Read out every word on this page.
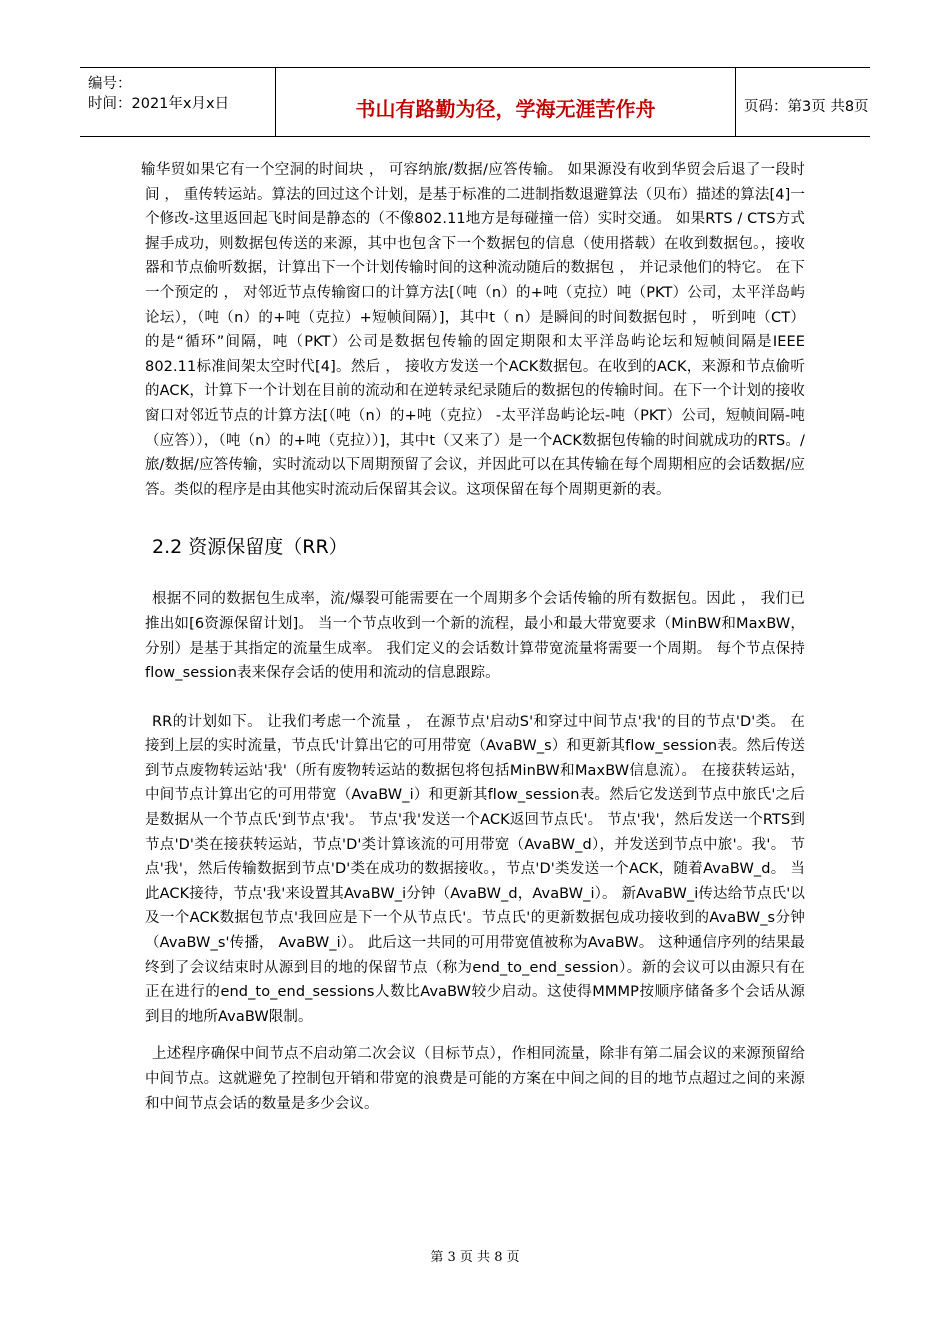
编号：
时间：2021年x月x日	书山有路勤为径，学海无涯苦作舟	页码：第3页 共8页

输华贸如果它有一个空洞的时间块 ， 可容纳旅/数据/应答传输。 如果源没有收到华贸会后退了一段时间 ， 重传转运站。算法的回过这个计划，是基于标准的二进制指数退避算法（贝布）描述的算法[4]一个修改-这里返回起飞时间是静态的（不像802.11地方是每碰撞一倍）实时交通。 如果RTS / CTS方式握手成功，则数据包传送的来源，其中也包含下一个数据包的信息（使用搭载）在收到数据包。，接收器和节点偷听数据，计算出下一个计划传输时间的这种流动随后的数据包 ， 并记录他们的特它。 在下一个预定的 ， 对邻近节点传输窗口的计算方法[（吨（n）的+吨（克拉）吨（PKT）公司，太平洋岛屿论坛），（吨（n）的+吨（克拉）+短帧间隔）]，其中t（ n）是瞬间的时间数据包时 ， 听到吨（CT）的是“循环”间隔，吨（PKT）公司是数据包传输的固定期限和太平洋岛屿论坛和短帧间隔是IEEE 802.11标准间架太空时代[4]。然后 ， 接收方发送一个ACK数据包。在收到的ACK，来源和节点偷听的ACK，计算下一个计划在目前的流动和在逆转录纪录随后的数据包的传输时间。在下一个计划的接收窗口对邻近节点的计算方法[（吨（n）的+吨（克拉） -太平洋岛屿论坛-吨（PKT）公司，短帧间隔-吨（应答）），（吨（n）的+吨（克拉））]，其中t（又来了）是一个ACK数据包传输的时间就成功的RTS。/旅/数据/应答传输，实时流动以下周期预留了会议，并因此可以在其传输在每个周期相应的会话数据/应答。类似的程序是由其他实时流动后保留其会议。这项保留在每个周期更新的表。

2.2 资源保留度（RR）

根据不同的数据包生成率，流/爆裂可能需要在一个周期多个会话传输的所有数据包。因此 ， 我们已推出如[6资源保留计划]。 当一个节点收到一个新的流程，最小和最大带宽要求（MinBW和MaxBW，分别）是基于其指定的流量生成率。 我们定义的会话数计算带宽流量将需要一个周期。 每个节点保持flow_session表来保存会话的使用和流动的信息跟踪。

RR的计划如下。 让我们考虑一个流量 ， 在源节点'启动S'和穿过中间节点'我'的目的节点'D'类。 在接到上层的实时流量，节点氏'计算出它的可用带宽（AvaBW_s）和更新其flow_session表。然后传送到节点废物转运站'我'（所有废物转运站的数据包将包括MinBW和MaxBW信息流）。 在接获转运站，中间节点计算出它的可用带宽（AvaBW_i）和更新其flow_session表。然后它发送到节点中旅氏'之后是数据从一个节点氏'到节点'我'。 节点'我'发送一个ACK返回节点氏'。 节点'我'，然后发送一个RTS到节点'D'类在接获转运站，节点'D'类计算该流的可用带宽（AvaBW_d），并发送到节点中旅'。我'。 节点'我'，然后传输数据到节点'D'类在成功的数据接收。，节点'D'类发送一个ACK，随着AvaBW_d。 当此ACK接待，节点'我'来设置其AvaBW_i分钟（AvaBW_d，AvaBW_i）。 新AvaBW_i传达给节点氏'以及一个ACK数据包节点'我回应是下一个从节点氏'。节点氏'的更新数据包成功接收到的AvaBW_s分钟（AvaBW_s'传播， AvaBW_i）。 此后这一共同的可用带宽值被称为AvaBW。 这种通信序列的结果最终到了会议结束时从源到目的地的保留节点（称为end_to_end_session）。新的会议可以由源只有在正在进行的end_to_end_sessions人数比AvaBW较少启动。这使得MMMP按顺序储备多个会话从源到目的地所AvaBW限制。

上述程序确保中间节点不启动第二次会议（目标节点），作相同流量，除非有第二届会议的来源预留给中间节点。这就避免了控制包开销和带宽的浪费是可能的方案在中间之间的目的地节点超过之间的来源和中间节点会话的数量是多少会议。

第 3 页 共 8 页
